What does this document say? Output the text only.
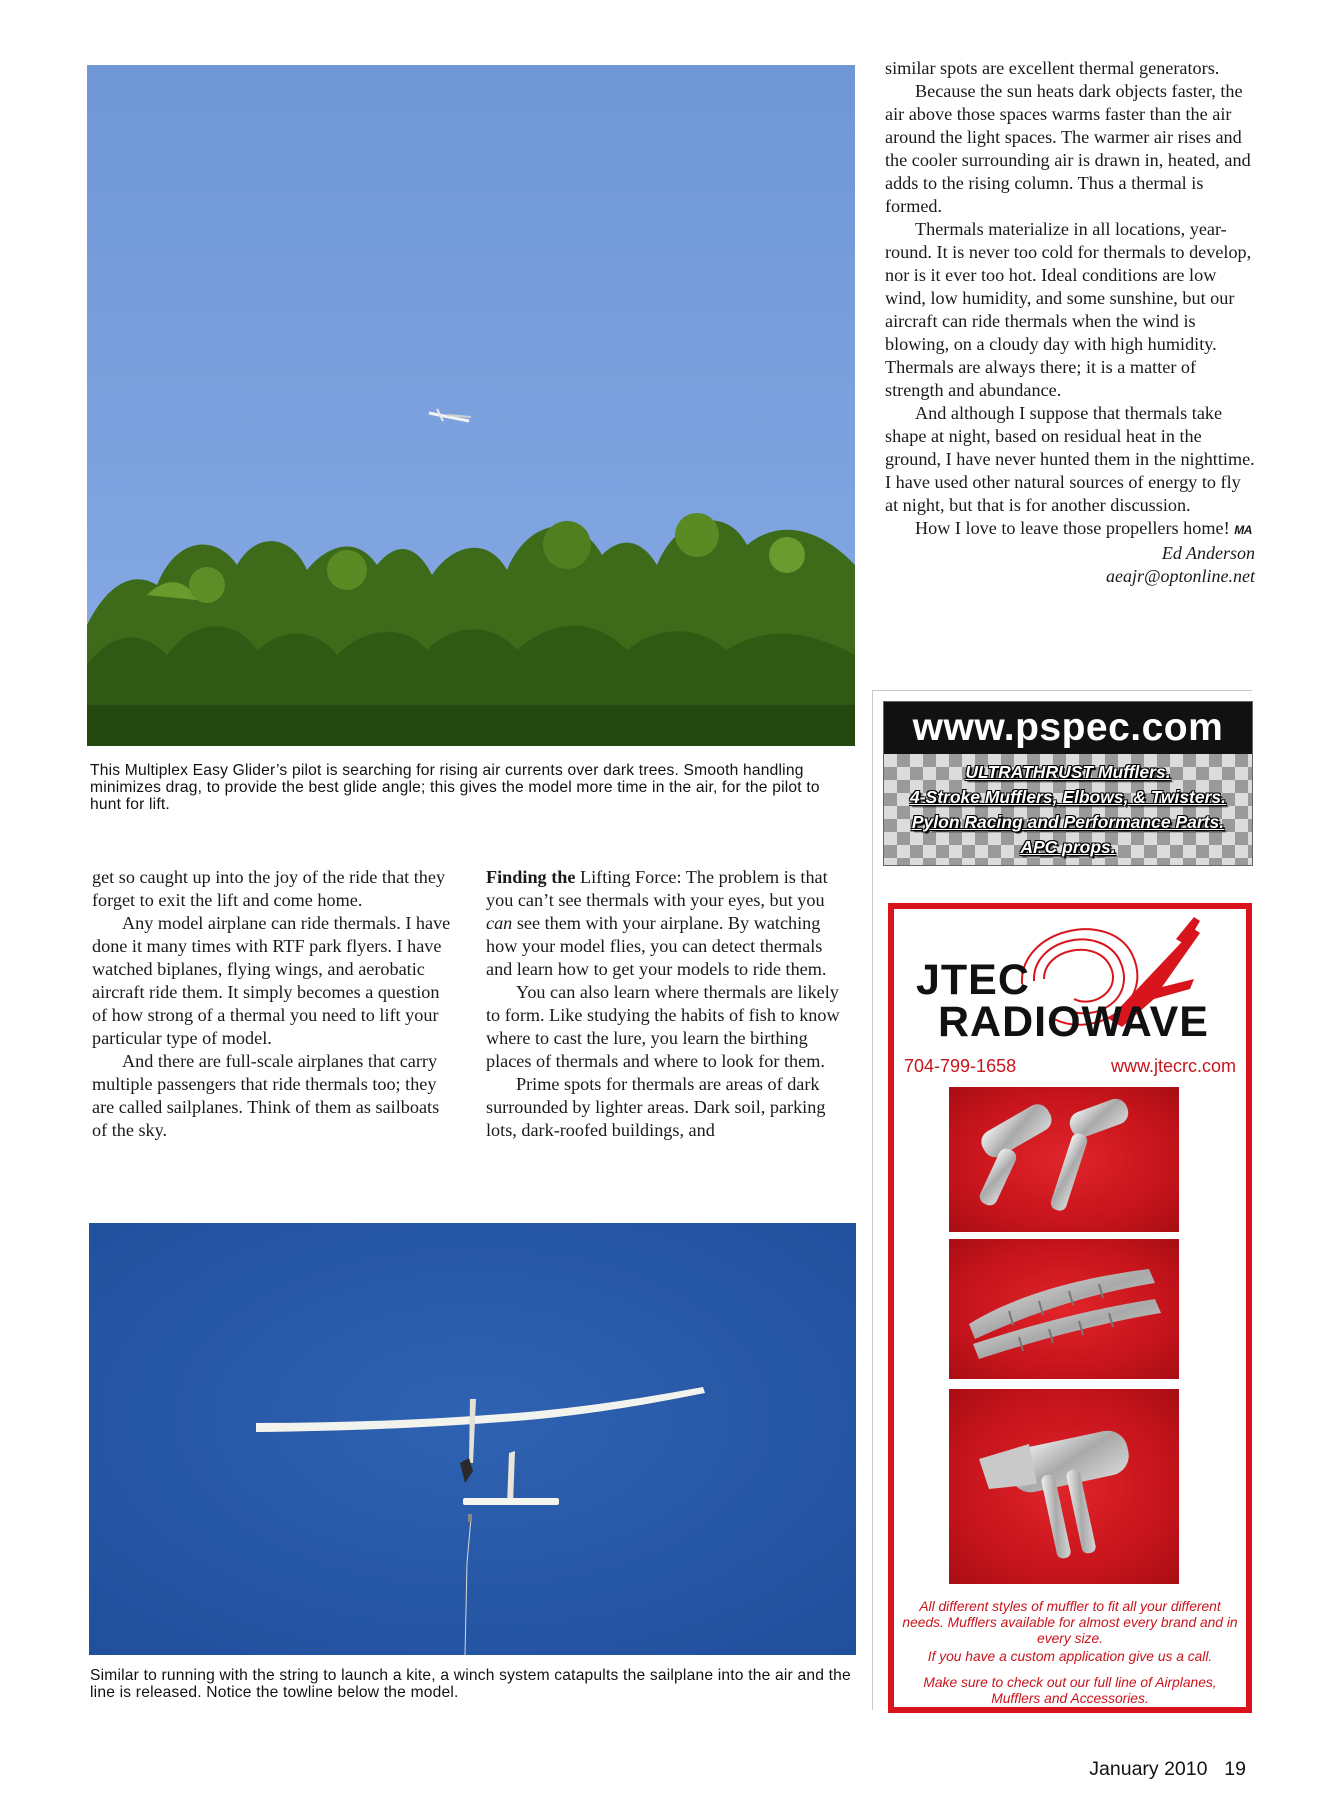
This Multiplex Easy Glider’s pilot is searching for rising air currents over dark trees. Smooth handling minimizes drag, to provide the best glide angle; this gives the model more time in the air, for the pilot to hunt for lift.

similar spots are excellent thermal generators.

Because the sun heats dark objects faster, the air above those spaces warms faster than the air around the light spaces. The warmer air rises and the cooler surrounding air is drawn in, heated, and adds to the rising column. Thus a thermal is formed.

Thermals materialize in all locations, year-round. It is never too cold for thermals to develop, nor is it ever too hot. Ideal conditions are low wind, low humidity, and some sunshine, but our aircraft can ride thermals when the wind is blowing, on a cloudy day with high humidity. Thermals are always there; it is a matter of strength and abundance.

And although I suppose that thermals take shape at night, based on residual heat in the ground, I have never hunted them in the nighttime. I have used other natural sources of energy to fly at night, but that is for another discussion.

How I love to leave those propellers home! MA

Ed Anderson
aeajr@optonline.net

get so caught up into the joy of the ride that they forget to exit the lift and come home.

Any model airplane can ride thermals. I have done it many times with RTF park flyers. I have watched biplanes, flying wings, and aerobatic aircraft ride them. It simply becomes a question of how strong of a thermal you need to lift your particular type of model.

And there are full-scale airplanes that carry multiple passengers that ride thermals too; they are called sailplanes. Think of them as sailboats of the sky.

Finding the Lifting Force: The problem is that you can’t see thermals with your eyes, but you can see them with your airplane. By watching how your model flies, you can detect thermals and learn how to get your models to ride them.

You can also learn where thermals are likely to form. Like studying the habits of fish to know where to cast the lure, you learn the birthing places of thermals and where to look for them.

Prime spots for thermals are areas of dark surrounded by lighter areas. Dark soil, parking lots, dark-roofed buildings, and

Similar to running with the string to launch a kite, a winch system catapults the sailplane into the air and the line is released. Notice the towline below the model.
www.pspec.com
ULTRATHRUST Mufflers.
4-Stroke Mufflers, Elbows, & Twisters.
Pylon Racing and Performance Parts.
APC props.
JTEC
RADIOWAVE
704-799-1658	www.jtecrc.com
All different styles of muffler to fit all your different needs. Mufflers available for almost every brand and in every size.
If you have a custom application give us a call.
Make sure to check out our full line of Airplanes, Mufflers and Accessories.
January 2010 19
